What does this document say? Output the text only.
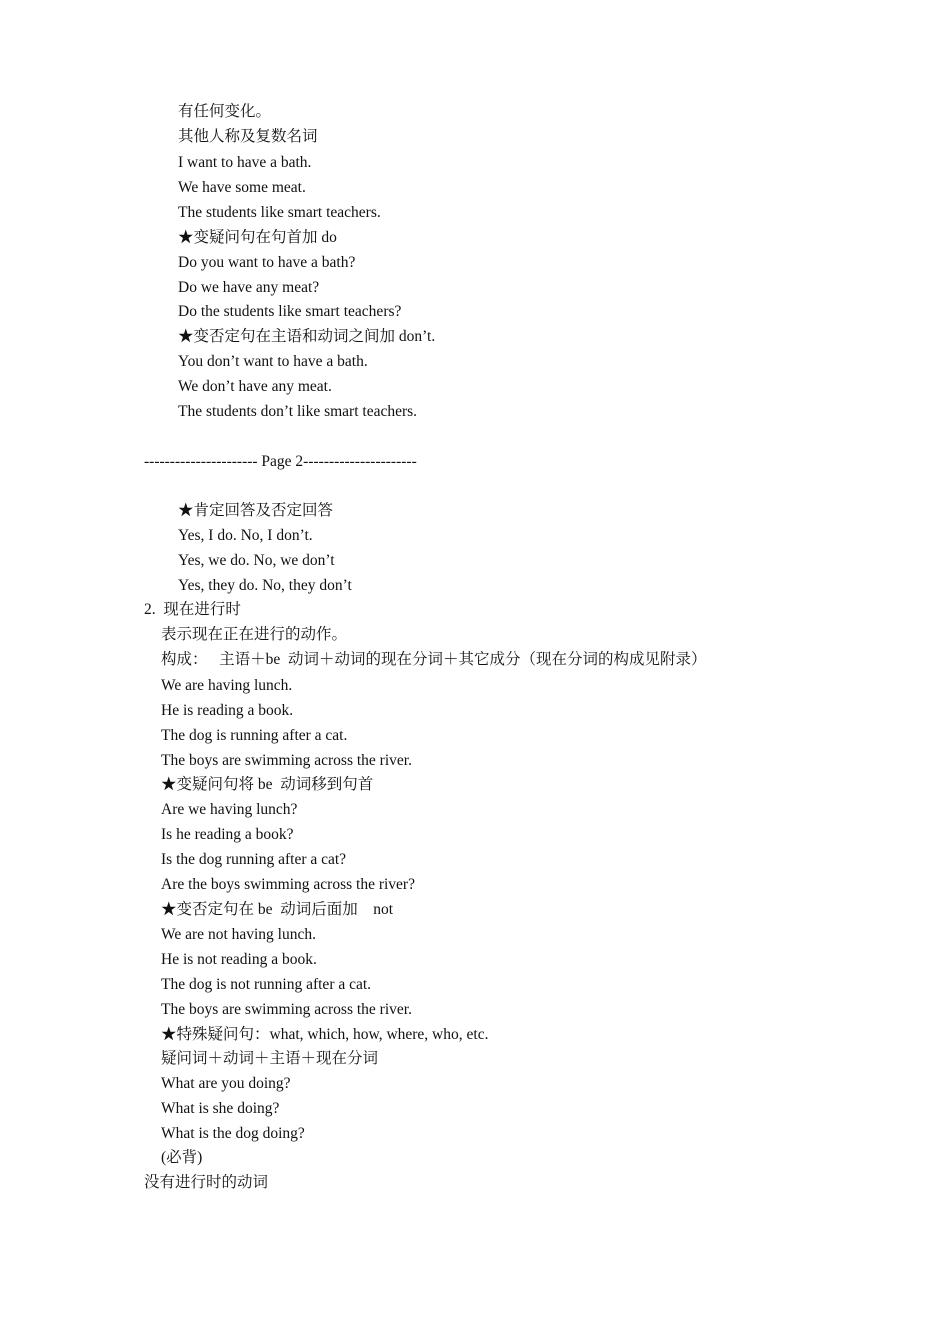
有任何变化。
其他人称及复数名词
I want to have a bath.
We have some meat.
The students like smart teachers.
★变疑问句在句首加 do
Do you want to have a bath?
Do we have any meat?
Do the students like smart teachers?
★变否定句在主语和动词之间加 don’t.
You don’t want to have a bath.
We don’t have any meat.
The students don’t like smart teachers.
---------------------- Page 2----------------------
★肯定回答及否定回答
Yes, I do. No, I don’t.
Yes, we do. No, we don’t
Yes, they do. No, they don’t
2.  现在进行时
表示现在正在进行的动作。
构成：   主语＋be  动词＋动词的现在分词＋其它成分（现在分词的构成见附录）
We are having lunch.
He is reading a book.
The dog is running after a cat.
The boys are swimming across the river.
★变疑问句将 be  动词移到句首
Are we having lunch?
Is he reading a book?
Is the dog running after a cat?
Are the boys swimming across the river?
★变否定句在 be  动词后面加    not
We are not having lunch.
He is not reading a book.
The dog is not running after a cat.
The boys are swimming across the river.
★特殊疑问句：what, which, how, where, who, etc.
疑问词＋动词＋主语＋现在分词
What are you doing?
What is she doing?
What is the dog doing?
(必背)
没有进行时的动词
